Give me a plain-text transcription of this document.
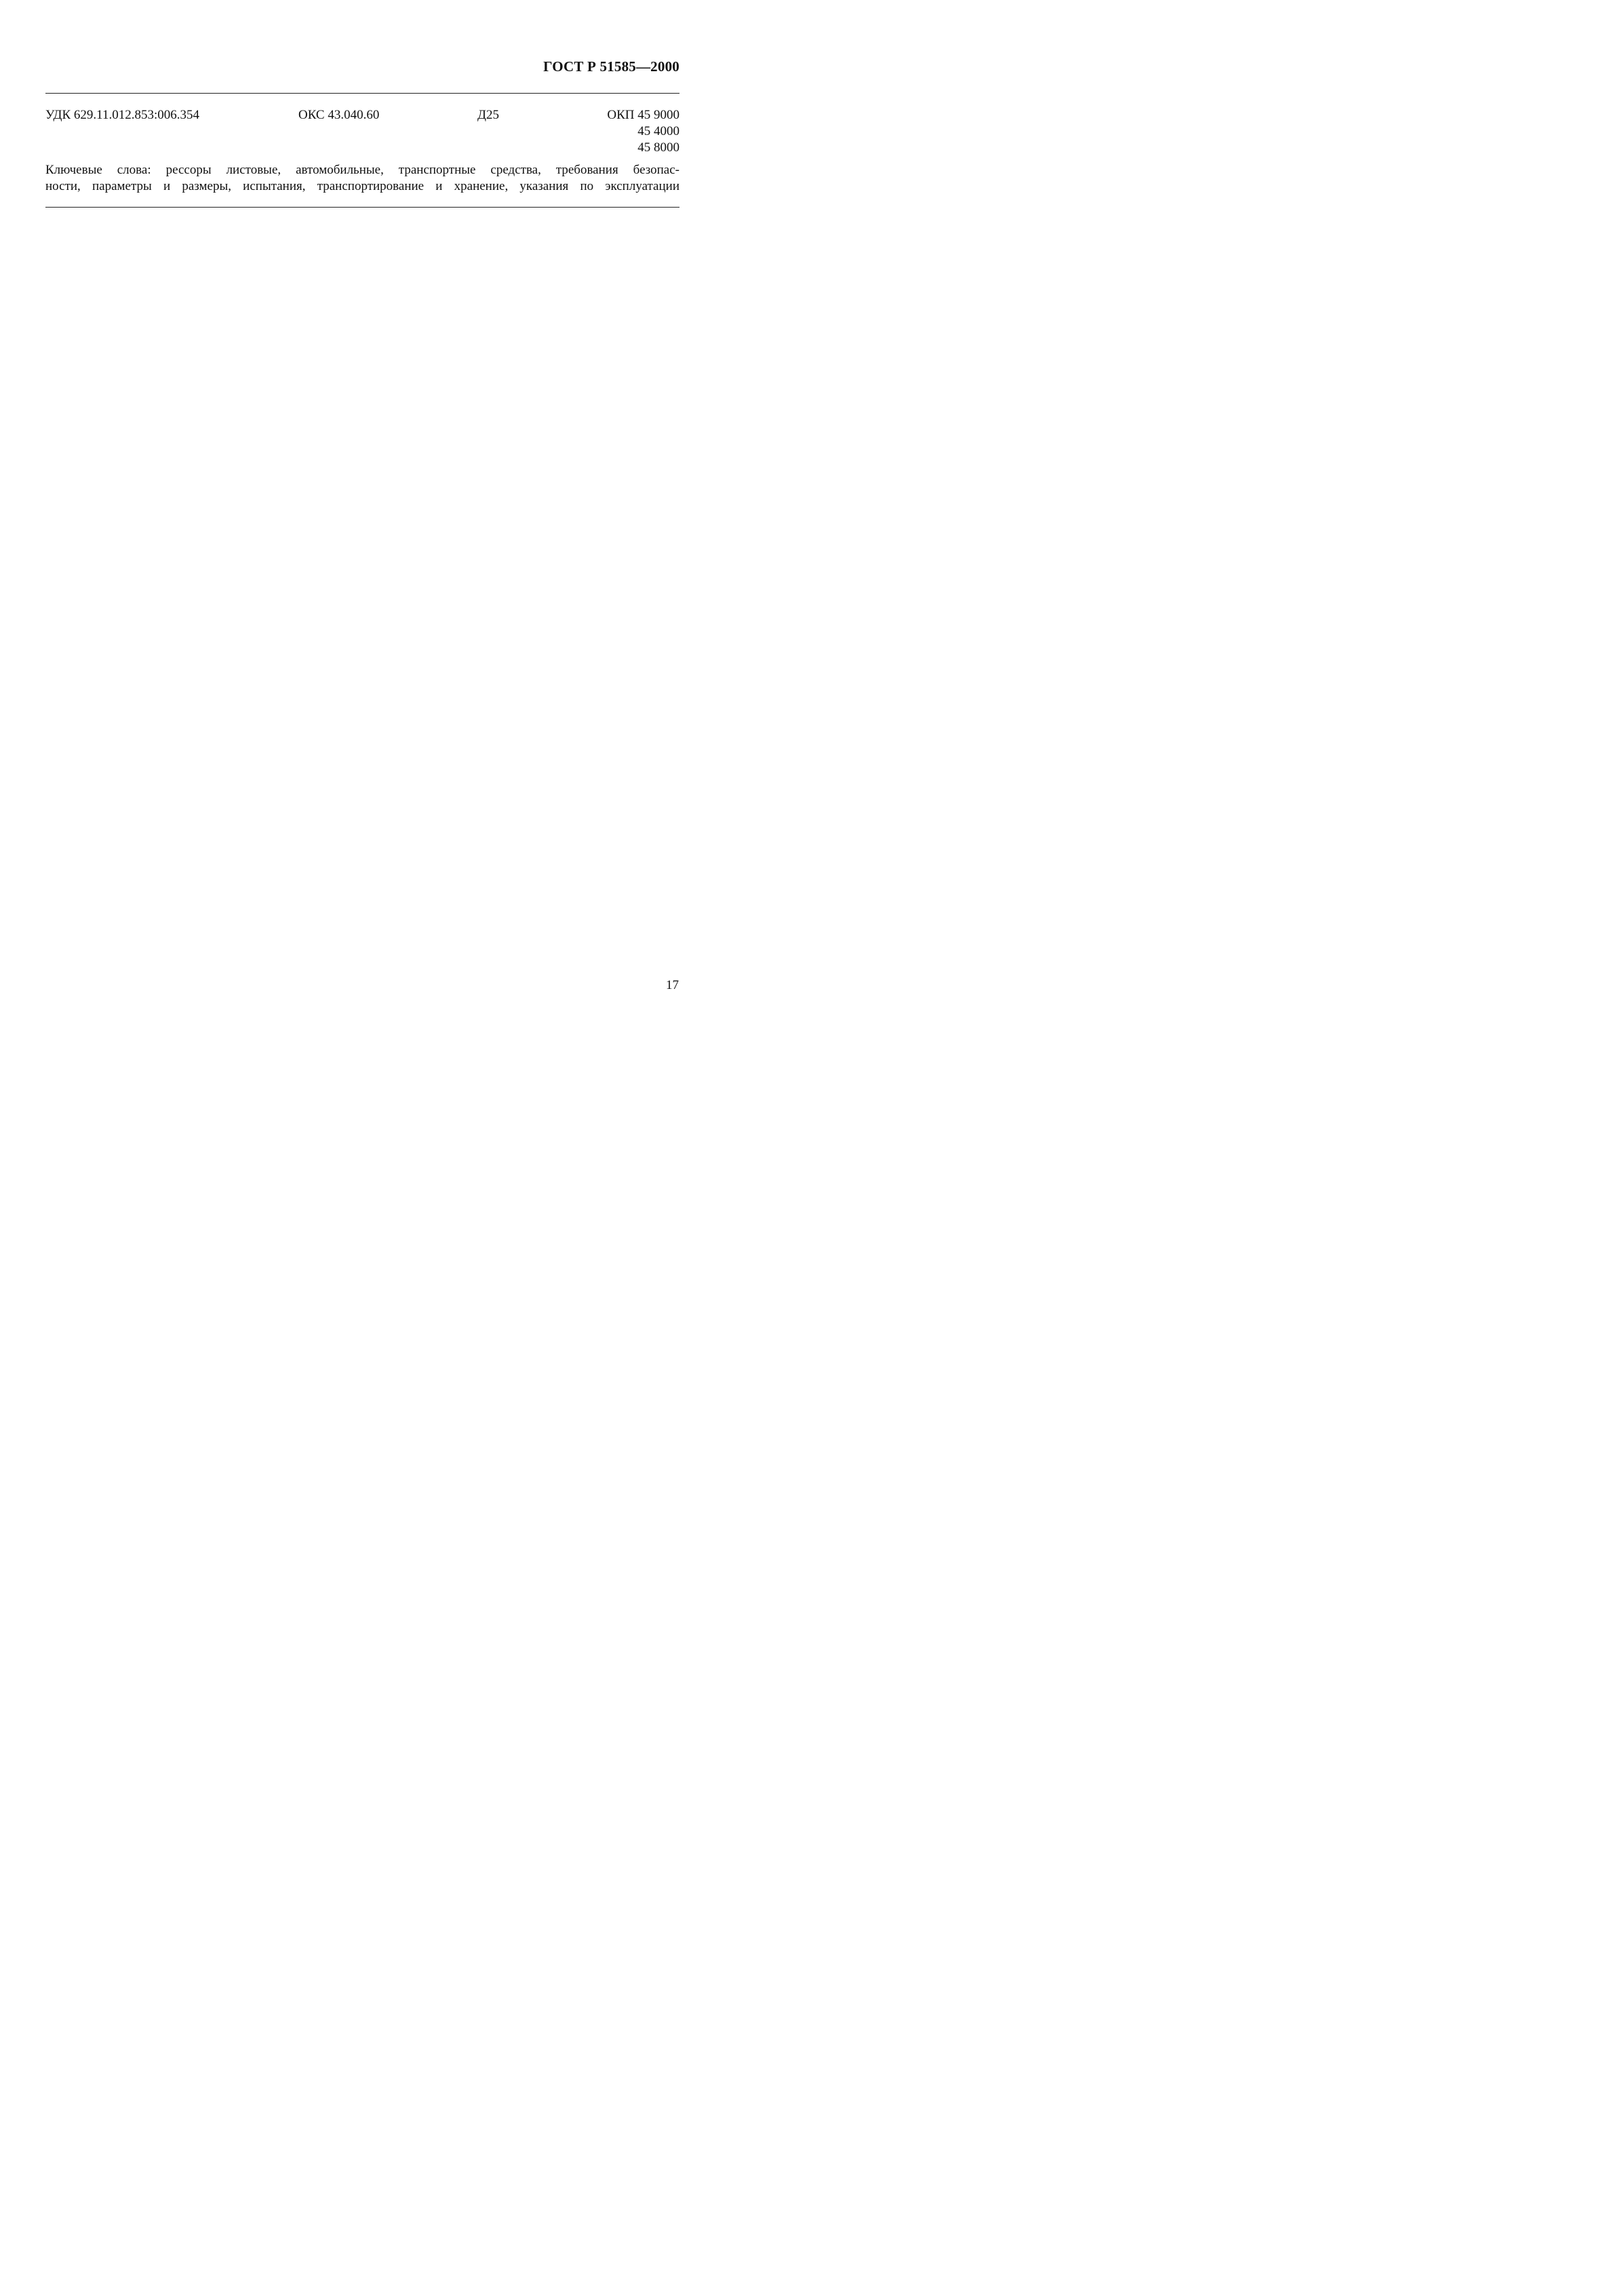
ГОСТ Р 51585—2000
УДК 629.11.012.853:006.354	ОКС 43.040.60	Д25	ОКП 45 9000
45 4000
45 8000
Ключевые слова: рессоры листовые, автомобильные, транспортные средства, требования безопас-
ности, параметры и размеры, испытания, транспортирование и хранение, указания по эксплуатации
17
